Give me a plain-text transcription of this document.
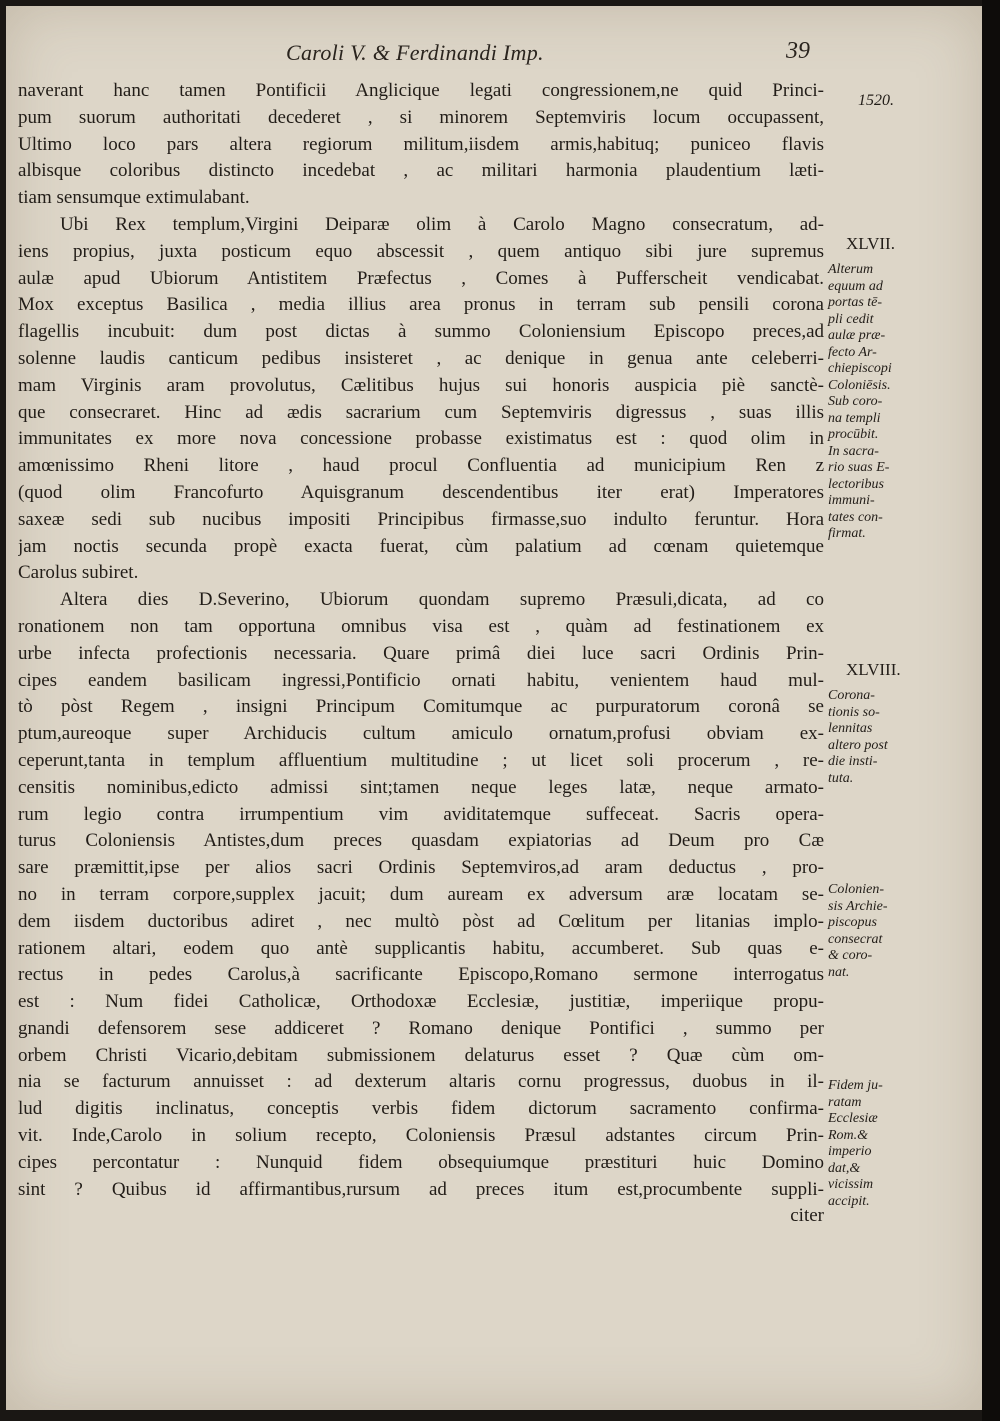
Caroli V. & Ferdinandi Imp.	39
1520.
naverant hanc tamen Pontificii Anglicique legati congressionem,ne quid Princi-
pum suorum authoritati decederet , si minorem Septemviris locum occupassent,
Ultimo loco pars altera regiorum militum,iisdem armis,habituq; puniceo flavis
albisque coloribus distincto incedebat , ac militari harmonia plaudentium læti-
tiam sensumque extimulabant.
Ubi Rex templum,Virgini Deiparæ olim à Carolo Magno consecratum, ad-
iens propius, juxta posticum equo abscessit , quem antiquo sibi jure supremus
aulæ apud Ubiorum Antistitem Præfectus , Comes à Pufferscheit vendicabat.
Mox exceptus Basilica , media illius area pronus in terram sub pensili corona
flagellis incubuit: dum post dictas à summo Coloniensium Episcopo preces,ad
solenne laudis canticum pedibus insisteret , ac denique in genua ante celeberri-
mam Virginis aram provolutus, Cælitibus hujus sui honoris auspicia piè sanctè-
que consecraret. Hinc ad ædis sacrarium cum Septemviris digressus , suas illis
immunitates ex more nova concessione probasse existimatus est : quod olim in
amœnissimo Rheni litore , haud procul Confluentia ad municipium Ren z
(quod olim Francofurto Aquisgranum descendentibus iter erat) Imperatores
saxeæ sedi sub nucibus impositi Principibus firmasse,suo indulto feruntur. Hora
jam noctis secunda propè exacta fuerat, cùm palatium ad cœnam quietemque
Carolus subiret.
Altera dies D.Severino, Ubiorum quondam supremo Præsuli,dicata, ad co
ronationem non tam opportuna omnibus visa est , quàm ad festinationem ex
urbe infecta profectionis necessaria. Quare primâ diei luce sacri Ordinis Prin-
cipes eandem basilicam ingressi,Pontificio ornati habitu, venientem haud mul-
tò pòst Regem , insigni Principum Comitumque ac purpuratorum coronâ se
ptum,aureoque super Archiducis cultum amiculo ornatum,profusi obviam ex-
ceperunt,tanta in templum affluentium multitudine ; ut licet soli procerum , re-
censitis nominibus,edicto admissi sint;tamen neque leges latæ, neque armato-
rum legio contra irrumpentium vim aviditatemque suffeceat. Sacris opera-
turus Coloniensis Antistes,dum preces quasdam expiatorias ad Deum pro Cæ
sare præmittit,ipse per alios sacri Ordinis Septemviros,ad aram deductus , pro-
no in terram corpore,supplex jacuit; dum auream ex adversum aræ locatam se-
dem iisdem ductoribus adiret , nec multò pòst ad Cœlitum per litanias implo-
rationem altari, eodem quo antè supplicantis habitu, accumberet. Sub quas e-
rectus in pedes Carolus,à sacrificante Episcopo,Romano sermone interrogatus
est : Num fidei Catholicæ, Orthodoxæ Ecclesiæ, justitiæ, imperiique propu-
gnandi defensorem sese addiceret ? Romano denique Pontifici , summo per
orbem Christi Vicario,debitam submissionem delaturus esset ? Quæ cùm om-
nia se facturum annuisset : ad dexterum altaris cornu progressus, duobus in il-
lud digitis inclinatus, conceptis verbis fidem dictorum sacramento confirma-
vit. Inde,Carolo in solium recepto, Coloniensis Præsul adstantes circum Prin-
cipes percontatur : Nunquid fidem obsequiumque præstituri huic Domino
sint ? Quibus id affirmantibus,rursum ad preces itum est,procumbente suppli-
citer
XLVII.
Alterum
equum ad
portas tē-
pli cedit
aulæ præ-
fecto Ar-
chiepiscopi
Coloniēsis.
Sub coro-
na templi
procūbit.
In sacra-
rio suas E-
lectoribus
immuni-
tates con-
firmat.
XLVIII.
Corona-
tionis so-
lennitas
altero post
die insti-
tuta.
Colonien-
sis Archie-
piscopus
consecrat
& coro-
nat.
Fidem ju-
ratam
Ecclesiæ
Rom.&
imperio
dat,&
vicissim
accipit.
